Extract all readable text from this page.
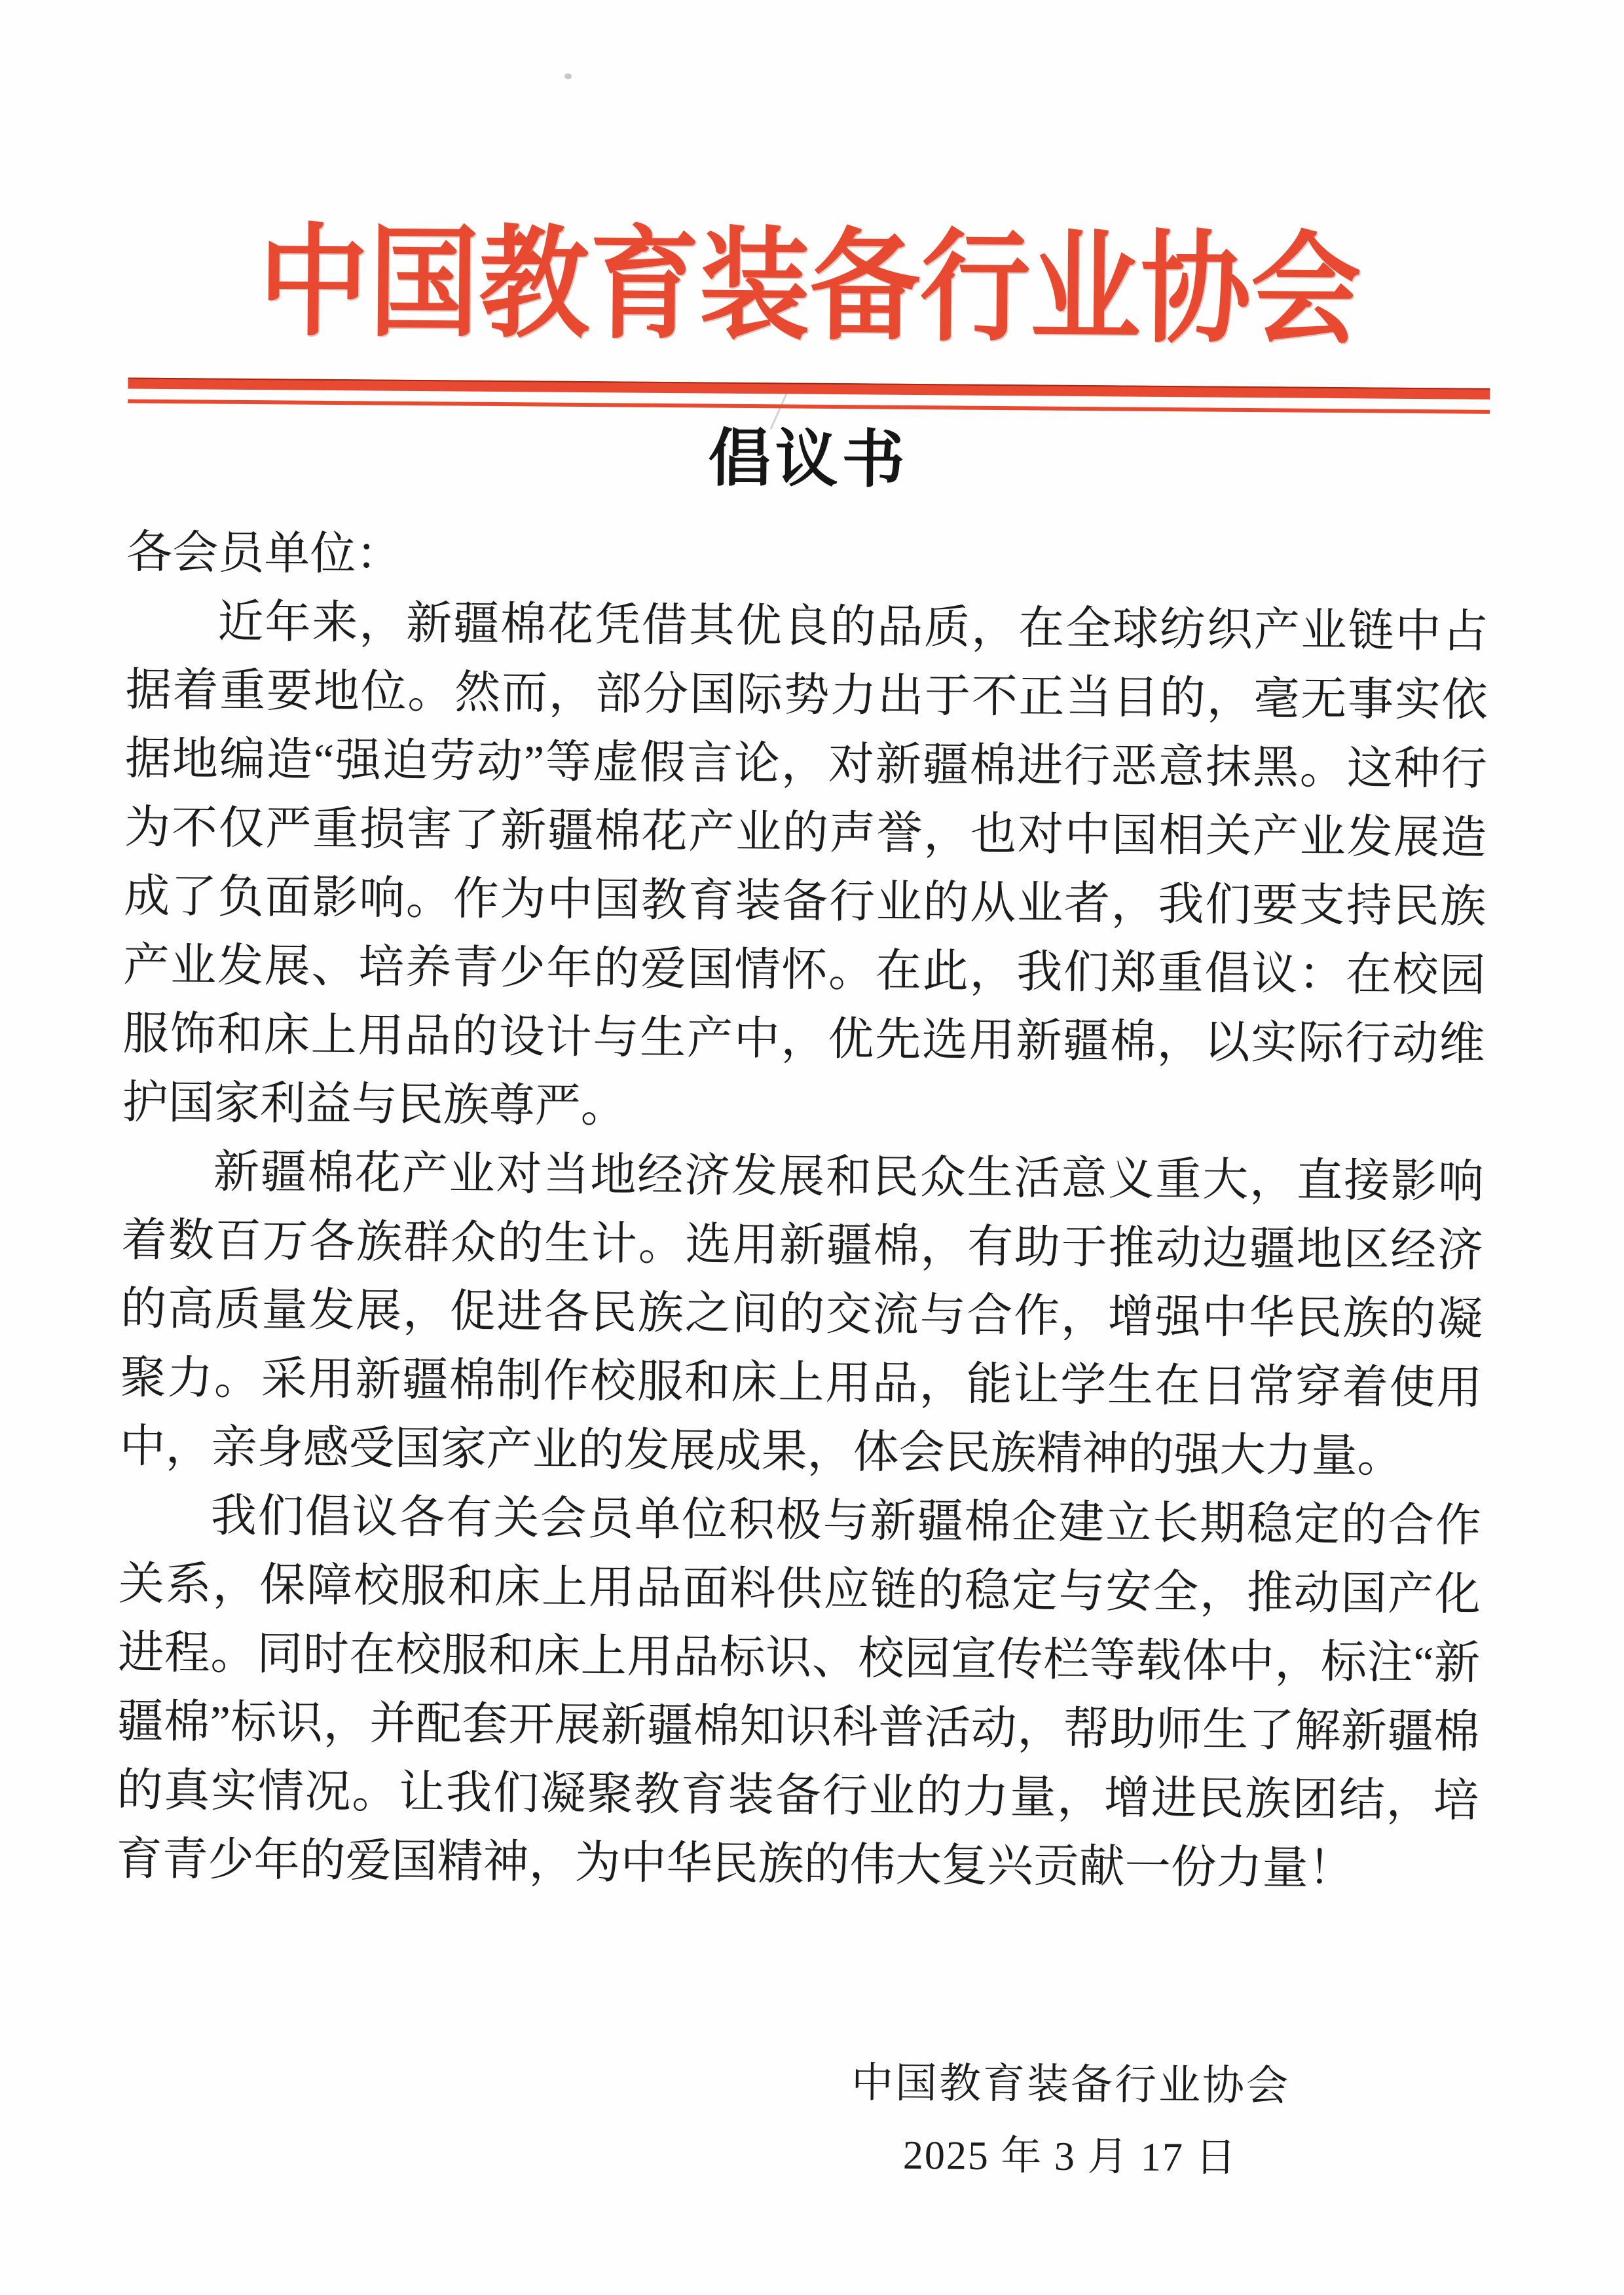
中国教育装备行业协会
倡议书

各会员单位：

近年来，新疆棉花凭借其优良的品质，在全球纺织产业链中占据着重要地位。然而，部分国际势力出于不正当目的，毫无事实依据地编造“强迫劳动”等虚假言论，对新疆棉进行恶意抹黑。这种行为不仅严重损害了新疆棉花产业的声誉，也对中国相关产业发展造成了负面影响。作为中国教育装备行业的从业者，我们要支持民族产业发展、培养青少年的爱国情怀。在此，我们郑重倡议：在校园服饰和床上用品的设计与生产中，优先选用新疆棉，以实际行动维护国家利益与民族尊严。

新疆棉花产业对当地经济发展和民众生活意义重大，直接影响着数百万各族群众的生计。选用新疆棉，有助于推动边疆地区经济的高质量发展，促进各民族之间的交流与合作，增强中华民族的凝聚力。采用新疆棉制作校服和床上用品，能让学生在日常穿着使用中，亲身感受国家产业的发展成果，体会民族精神的强大力量。

我们倡议各有关会员单位积极与新疆棉企建立长期稳定的合作关系，保障校服和床上用品面料供应链的稳定与安全，推动国产化进程。同时在校服和床上用品标识、校园宣传栏等载体中，标注“新疆棉”标识，并配套开展新疆棉知识科普活动，帮助师生了解新疆棉的真实情况。让我们凝聚教育装备行业的力量，增进民族团结，培育青少年的爱国精神，为中华民族的伟大复兴贡献一份力量！

中国教育装备行业协会
2025 年 3 月 17 日
